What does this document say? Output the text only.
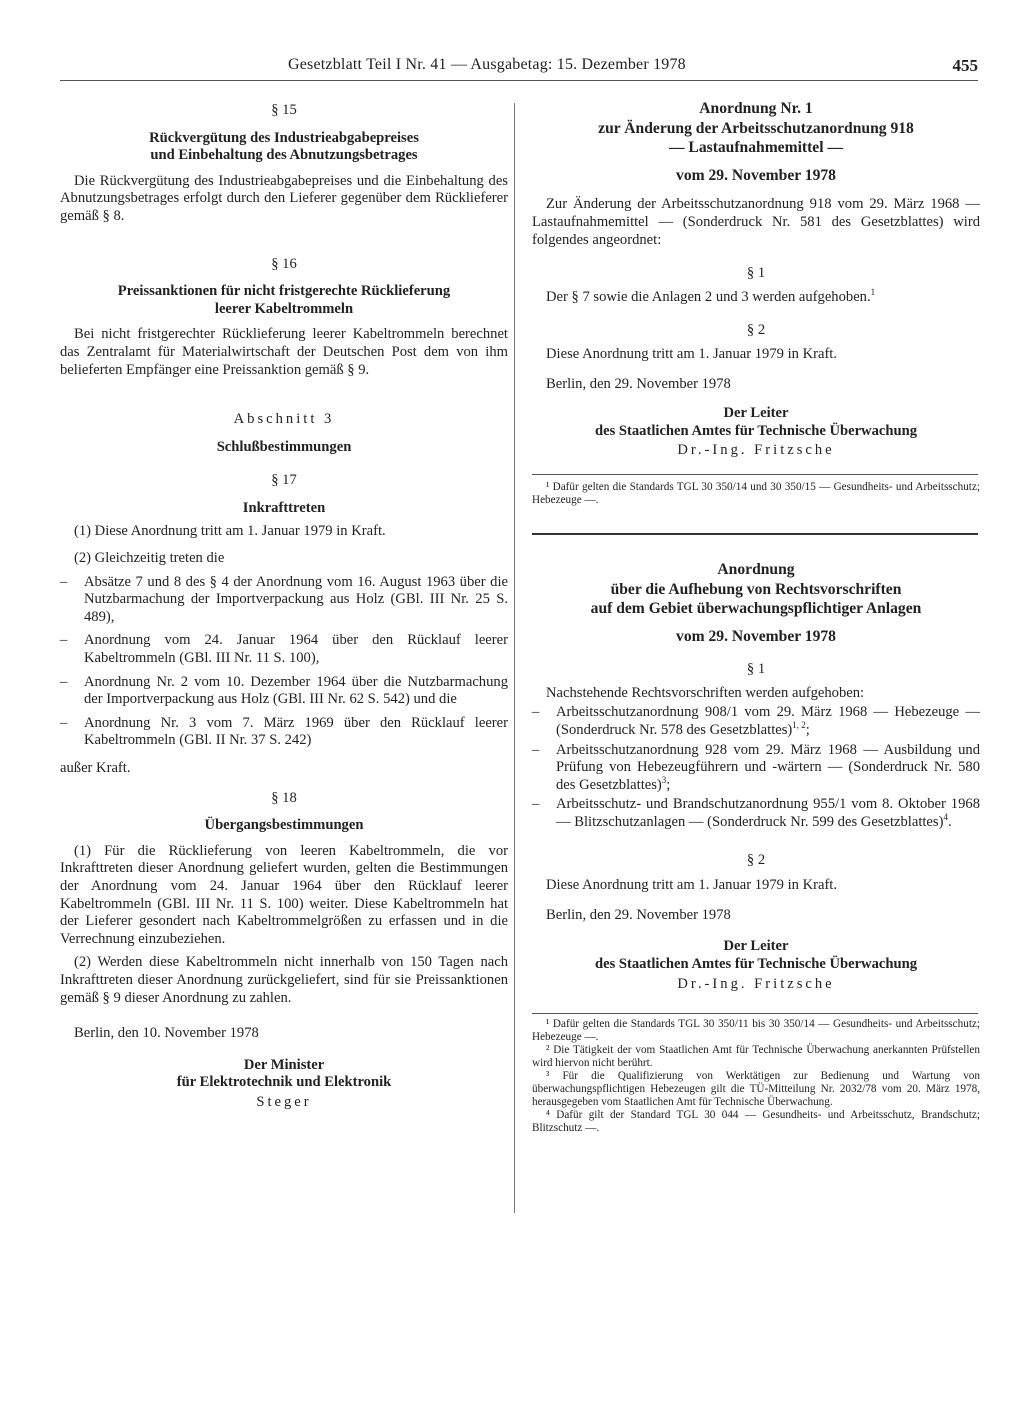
Gesetzblatt Teil I Nr. 41 — Ausgabetag: 15. Dezember 1978	455

§ 15

Rückvergütung des Industrieabgabepreises

und Einbehaltung des Abnutzungsbetrages

Die Rückvergütung des Industrieabgabepreises und die Einbehaltung des Abnutzungsbetrages erfolgt durch den Lieferer gegenüber dem Rücklieferer gemäß § 8.

§ 16

Preissanktionen für nicht fristgerechte Rücklieferung

leerer Kabeltrommeln

Bei nicht fristgerechter Rücklieferung leerer Kabeltrommeln berechnet das Zentralamt für Materialwirtschaft der Deutschen Post dem von ihm belieferten Empfänger eine Preissanktion gemäß § 9.

Abschnitt 3

Schlußbestimmungen

§ 17

Inkrafttreten

(1) Diese Anordnung tritt am 1. Januar 1979 in Kraft.

(2) Gleichzeitig treten die

–	Absätze 7 und 8 des § 4 der Anordnung vom 16. August 1963 über die Nutzbarmachung der Importverpackung aus Holz (GBl. III Nr. 25 S. 489),
–	Anordnung vom 24. Januar 1964 über den Rücklauf leerer Kabeltrommeln (GBl. III Nr. 11 S. 100),
–	Anordnung Nr. 2 vom 10. Dezember 1964 über die Nutzbarmachung der Importverpackung aus Holz (GBl. III Nr. 62 S. 542) und die
–	Anordnung Nr. 3 vom 7. März 1969 über den Rücklauf leerer Kabeltrommeln (GBl. II Nr. 37 S. 242)

außer Kraft.

§ 18

Übergangsbestimmungen

(1) Für die Rücklieferung von leeren Kabeltrommeln, die vor Inkrafttreten dieser Anordnung geliefert wurden, gelten die Bestimmungen der Anordnung vom 24. Januar 1964 über den Rücklauf leerer Kabeltrommeln (GBl. III Nr. 11 S. 100) weiter. Diese Kabeltrommeln hat der Lieferer gesondert nach Kabeltrommelgrößen zu erfassen und in die Verrechnung einzubeziehen.

(2) Werden diese Kabeltrommeln nicht innerhalb von 150 Tagen nach Inkrafttreten dieser Anordnung zurückgeliefert, sind für sie Preissanktionen gemäß § 9 dieser Anordnung zu zahlen.

Berlin, den 10. November 1978

Der Minister

für Elektrotechnik und Elektronik

Steger

Anordnung Nr. 1

zur Änderung der Arbeitsschutzanordnung 918

— Lastaufnahmemittel —

vom 29. November 1978

Zur Änderung der Arbeitsschutzanordnung 918 vom 29. März 1968 — Lastaufnahmemittel — (Sonderdruck Nr. 581 des Gesetzblattes) wird folgendes angeordnet:

§ 1

Der § 7 sowie die Anlagen 2 und 3 werden aufgehoben.$^1$

§ 2

Diese Anordnung tritt am 1. Januar 1979 in Kraft.

Berlin, den 29. November 1978

Der Leiter

des Staatlichen Amtes für Technische Überwachung

Dr.-Ing. Fritzsche

¹ Dafür gelten die Standards TGL 30 350/14 und 30 350/15 — Gesundheits- und Arbeitsschutz; Hebezeuge —.

Anordnung

über die Aufhebung von Rechtsvorschriften

auf dem Gebiet überwachungspflichtiger Anlagen

vom 29. November 1978

§ 1

Nachstehende Rechtsvorschriften werden aufgehoben:

–	Arbeitsschutzanordnung 908/1 vom 29. März 1968 — Hebezeuge — (Sonderdruck Nr. 578 des Gesetzblattes)$^{1, 2}$;
–	Arbeitsschutzanordnung 928 vom 29. März 1968 — Ausbildung und Prüfung von Hebezeugführern und -wärtern — (Sonderdruck Nr. 580 des Gesetzblattes)$^3$;
–	Arbeitsschutz- und Brandschutzanordnung 955/1 vom 8. Oktober 1968 — Blitzschutzanlagen — (Sonderdruck Nr. 599 des Gesetzblattes)$^4$.

§ 2

Diese Anordnung tritt am 1. Januar 1979 in Kraft.

Berlin, den 29. November 1978

Der Leiter

des Staatlichen Amtes für Technische Überwachung

Dr.-Ing. Fritzsche

¹ Dafür gelten die Standards TGL 30 350/11 bis 30 350/14 — Gesundheits- und Arbeitsschutz; Hebezeuge —.

² Die Tätigkeit der vom Staatlichen Amt für Technische Überwachung anerkannten Prüfstellen wird hiervon nicht berührt.

³ Für die Qualifizierung von Werktätigen zur Bedienung und Wartung von überwachungspflichtigen Hebezeugen gilt die TÜ-Mitteilung Nr. 2032/78 vom 20. März 1978, herausgegeben vom Staatlichen Amt für Technische Überwachung.

⁴ Dafür gilt der Standard TGL 30 044 — Gesundheits- und Arbeitsschutz, Brandschutz; Blitzschutz —.
